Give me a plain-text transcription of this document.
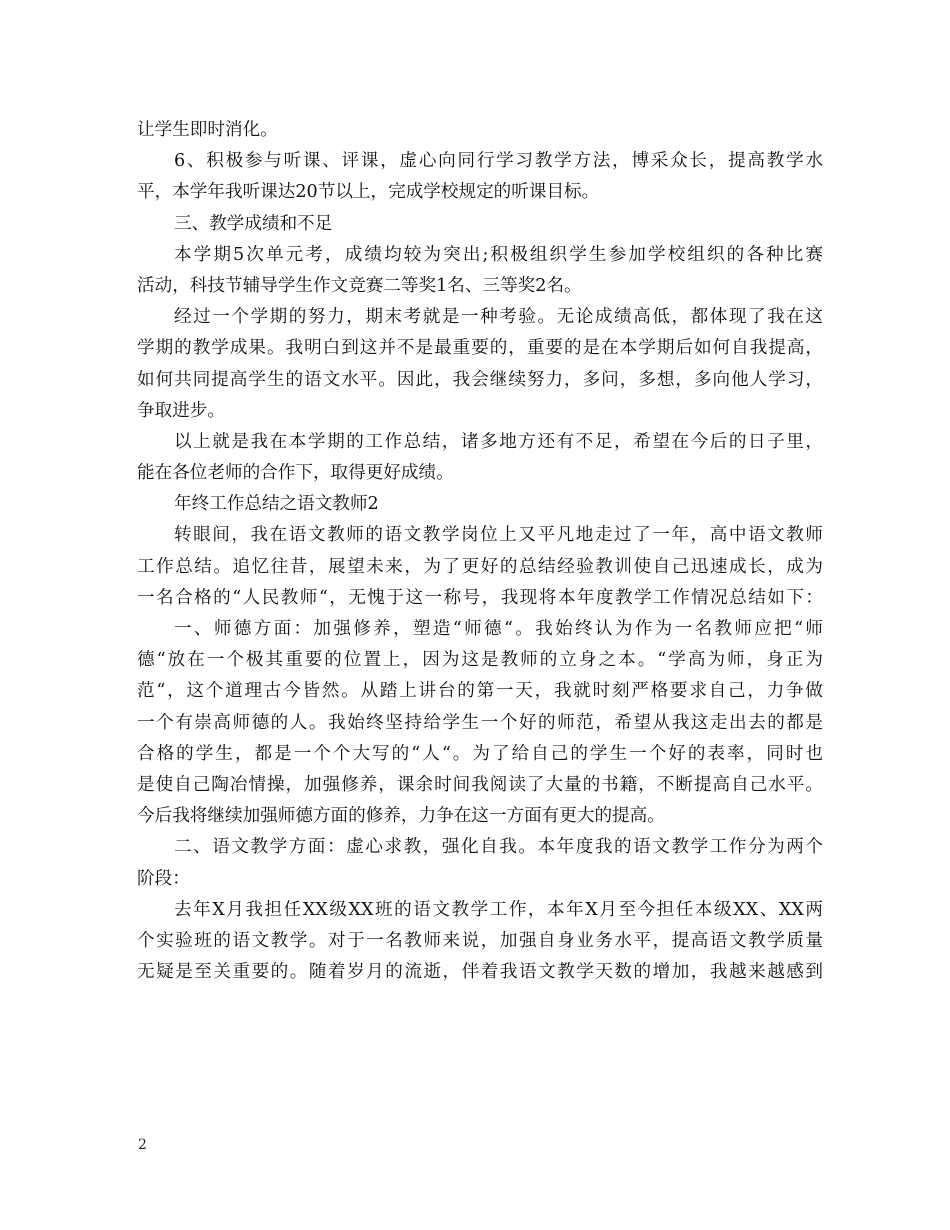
让学生即时消化。
6、积极参与听课、评课，虚心向同行学习教学方法，博采众长，提高教学水
平，本学年我听课达20节以上，完成学校规定的听课目标。
三、教学成绩和不足
本学期5次单元考，成绩均较为突出;积极组织学生参加学校组织的各种比赛
活动，科技节辅导学生作文竞赛二等奖1名、三等奖2名。
经过一个学期的努力，期末考就是一种考验。无论成绩高低，都体现了我在这
学期的教学成果。我明白到这并不是最重要的，重要的是在本学期后如何自我提高，
如何共同提高学生的语文水平。因此，我会继续努力，多问，多想，多向他人学习，
争取进步。
以上就是我在本学期的工作总结，诸多地方还有不足，希望在今后的日子里，
能在各位老师的合作下，取得更好成绩。
年终工作总结之语文教师2
转眼间，我在语文教师的语文教学岗位上又平凡地走过了一年，高中语文教师
工作总结。追忆往昔，展望未来，为了更好的总结经验教训使自己迅速成长，成为
一名合格的“人民教师“，无愧于这一称号，我现将本年度教学工作情况总结如下：
一、师德方面：加强修养，塑造“师德“。我始终认为作为一名教师应把“师
德“放在一个极其重要的位置上，因为这是教师的立身之本。“学高为师，身正为
范“，这个道理古今皆然。从踏上讲台的第一天，我就时刻严格要求自己，力争做
一个有崇高师德的人。我始终坚持给学生一个好的师范，希望从我这走出去的都是
合格的学生，都是一个个大写的“人“。为了给自己的学生一个好的表率，同时也
是使自己陶冶情操，加强修养，课余时间我阅读了大量的书籍，不断提高自己水平。
今后我将继续加强师德方面的修养，力争在这一方面有更大的提高。
二、语文教学方面：虚心求教，强化自我。本年度我的语文教学工作分为两个
阶段：
去年X月我担任XX级XX班的语文教学工作，本年X月至今担任本级XX、XX两
个实验班的语文教学。对于一名教师来说，加强自身业务水平，提高语文教学质量
无疑是至关重要的。随着岁月的流逝，伴着我语文教学天数的增加，我越来越感到
2
